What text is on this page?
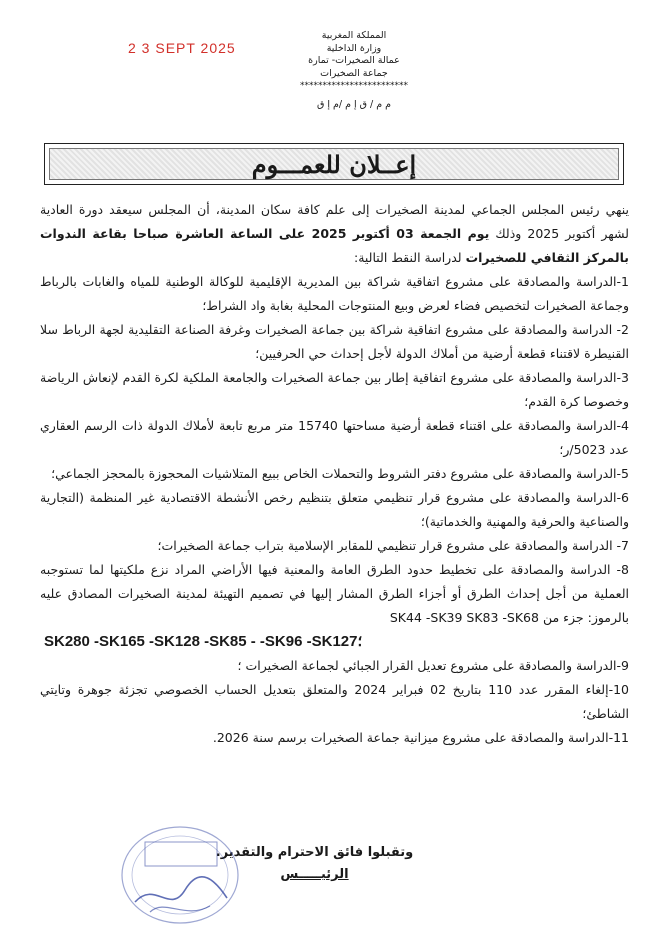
2 3 SEPT 2025
المملكة المغربية
وزارة الداخلية
عمالة الصخيرات- تمارة
جماعة الصخيرات
************************
م م / ق إ م /م إ ق
إعــلان للعمـــوم

ينهي رئيس المجلس الجماعي لمدينة الصخيرات إلى علم كافة سكان المدينة، أن المجلس سيعقد دورة العادية لشهر أكتوبر 2025 وذلك يوم الجمعة 03 أكتوبر 2025 على الساعة العاشرة صباحا بقاعة الندوات بالمركز الثقافي للصخيرات لدراسة النقط التالية:

1-الدراسة والمصادقة على مشروع اتفاقية شراكة بين المديرية الإقليمية للوكالة الوطنية للمياه والغابات بالرباط وجماعة الصخيرات لتخصيص فضاء لعرض وبيع المنتوجات المحلية بغابة واد الشراط؛

2- الدراسة والمصادقة على مشروع اتفاقية شراكة بين جماعة الصخيرات وغرفة الصناعة التقليدية لجهة الرباط سلا القنيطرة لاقتناء قطعة أرضية من أملاك الدولة لأجل إحداث حي الحرفيين؛

3-الدراسة والمصادقة على مشروع اتفاقية إطار بين جماعة الصخيرات والجامعة الملكية لكرة القدم لإنعاش الرياضة وخصوصا كرة القدم؛

4-الدراسة والمصادقة على اقتناء قطعة أرضية مساحتها 15740 متر مربع تابعة لأملاك الدولة ذات الرسم العقاري عدد 5023/ر؛

5-الدراسة والمصادقة على مشروع دفتر الشروط والتحملات الخاص ببيع المتلاشيات المحجوزة بالمحجز الجماعي؛

6-الدراسة والمصادقة على مشروع قرار تنظيمي متعلق بتنظيم رخص الأنشطة الاقتصادية غير المنظمة (التجارية والصناعية والحرفية والمهنية والخدماتية)؛

7- الدراسة والمصادقة على مشروع قرار تنظيمي للمقابر الإسلامية بتراب جماعة الصخيرات؛

8- الدراسة والمصادقة على تخطيط حدود الطرق العامة والمعنية فيها الأراضي المراد نزع ملكيتها لما تستوجبه العملية من أجل إحداث الطرق أو أجزاء الطرق المشار إليها في تصميم التهيئة لمدينة الصخيرات المصادق عليه بالرموز: جزء من SK44 -SK39 SK83 -SK68

SK280 -SK165 -SK128 -SK85 - -SK96 -SK127؛

9-الدراسة والمصادقة على مشروع تعديل القرار الجبائي لجماعة الصخيرات ؛

10-إلغاء المقرر عدد 110 بتاريخ 02 فبراير 2024 والمتعلق بتعديل الحساب الخصوصي تجزئة جوهرة وتايتي الشاطئ؛

11-الدراسة والمصادقة على مشروع ميزانية جماعة الصخيرات برسم سنة 2026.

وتقبلوا فائق الاحترام والتقدير.
الرئيـــــس
